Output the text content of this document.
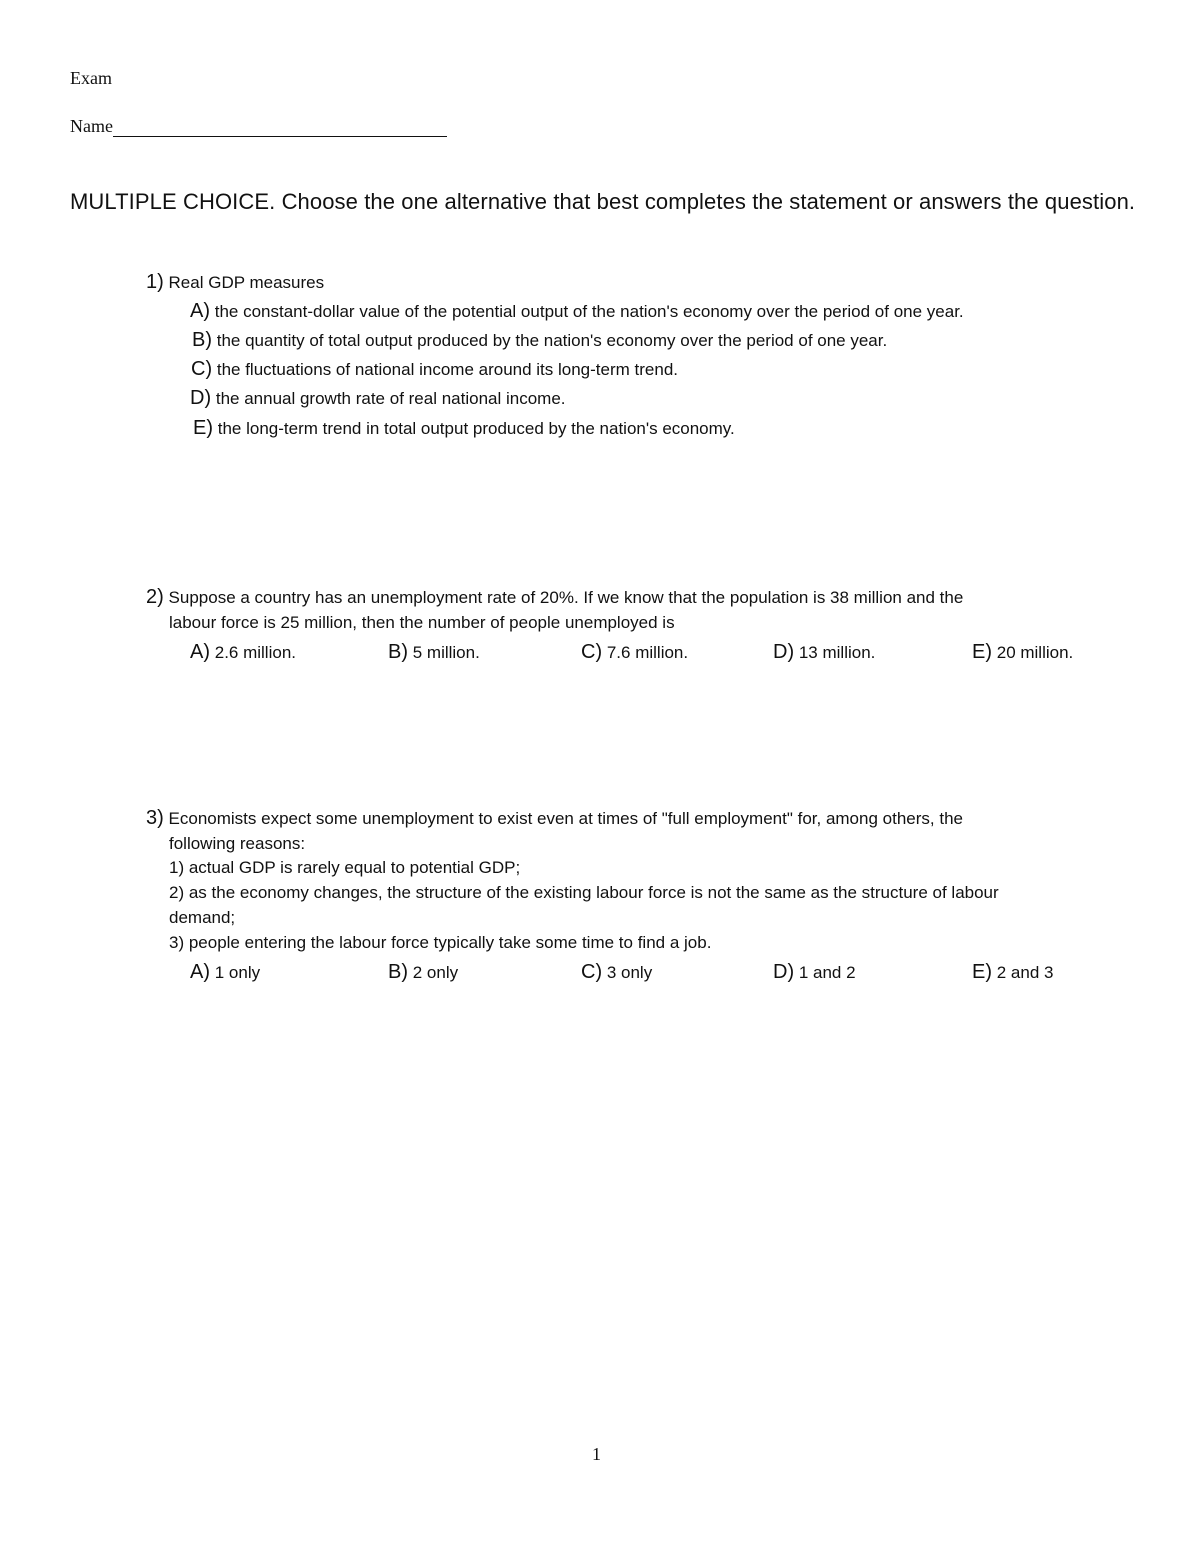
Exam
Name
MULTIPLE CHOICE. Choose the one alternative that best completes the statement or answers the question.
1) Real GDP measures
A) the constant-dollar value of the potential output of the nation's economy over the period of one year.
B) the quantity of total output produced by the nation's economy over the period of one year.
C) the fluctuations of national income around its long-term trend.
D) the annual growth rate of real national income.
E) the long-term trend in total output produced by the nation's economy.
2) Suppose a country has an unemployment rate of 20%. If we know that the population is 38 million and the
labour force is 25 million, then the number of people unemployed is
A) 2.6 million.	B) 5 million.	C) 7.6 million.	D) 13 million.	E) 20 million.
3) Economists expect some unemployment to exist even at times of "full employment" for, among others, the
following reasons:
1) actual GDP is rarely equal to potential GDP;
2) as the economy changes, the structure of the existing labour force is not the same as the structure of labour
demand;
3) people entering the labour force typically take some time to find a job.
A) 1 only	B) 2 only	C) 3 only	D) 1 and 2	E) 2 and 3
1
